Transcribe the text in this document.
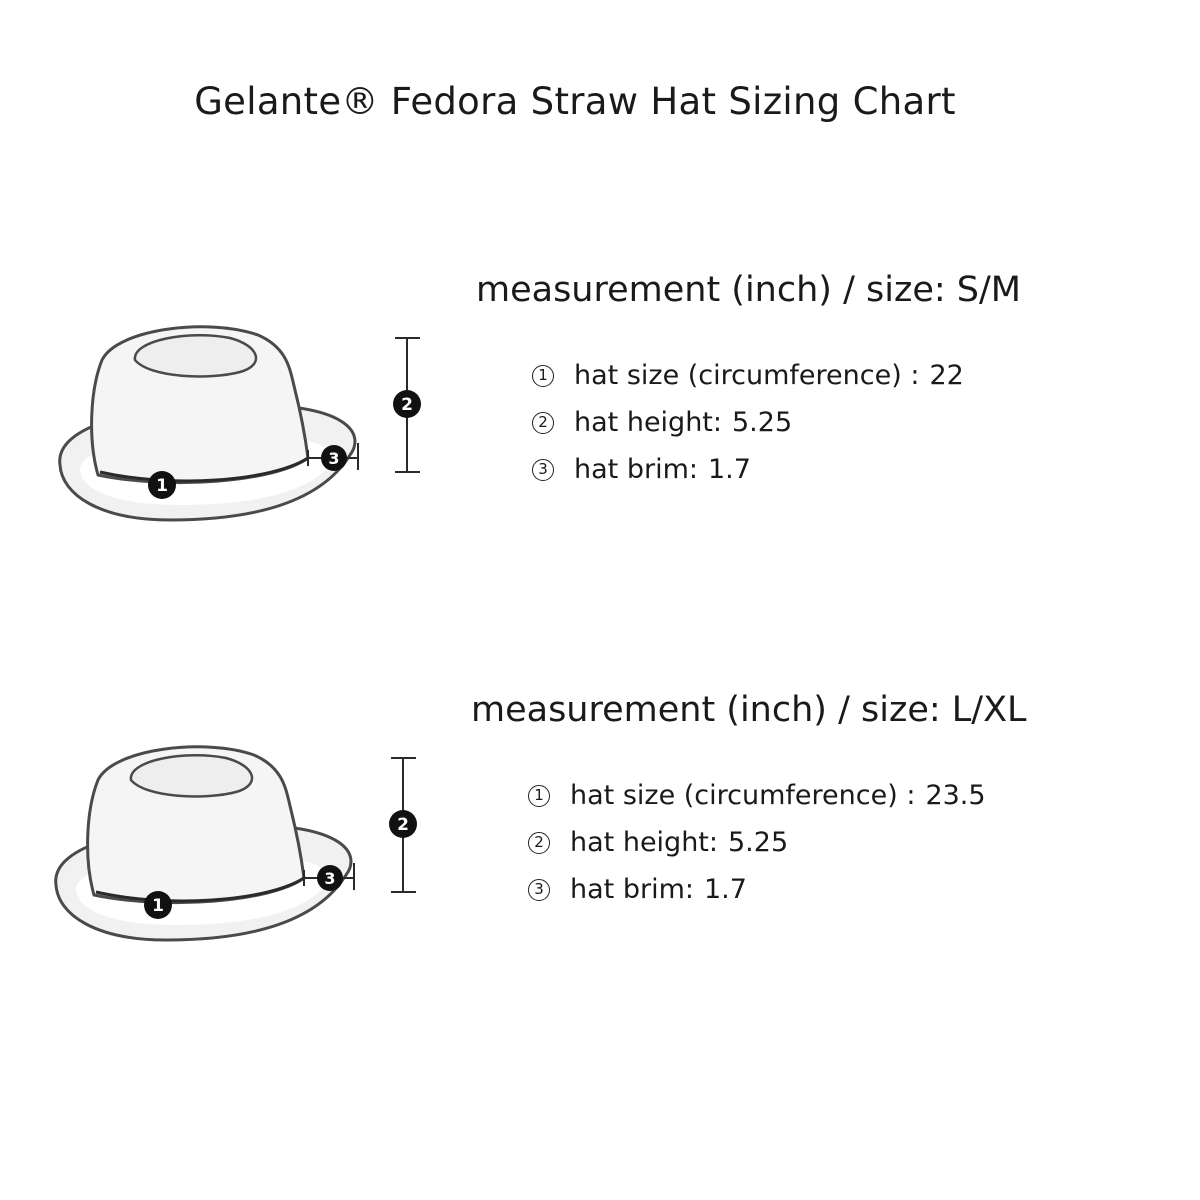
Gelante® Fedora Straw Hat Sizing Chart
1
2
3
measurement (inch) / size: S/M
1 hat size (circumference) : 22
2 hat height: 5.25
3 hat brim: 1.7
1
2
3
measurement (inch) / size: L/XL
1 hat size (circumference) : 23.5
2 hat height: 5.25
3 hat brim: 1.7
